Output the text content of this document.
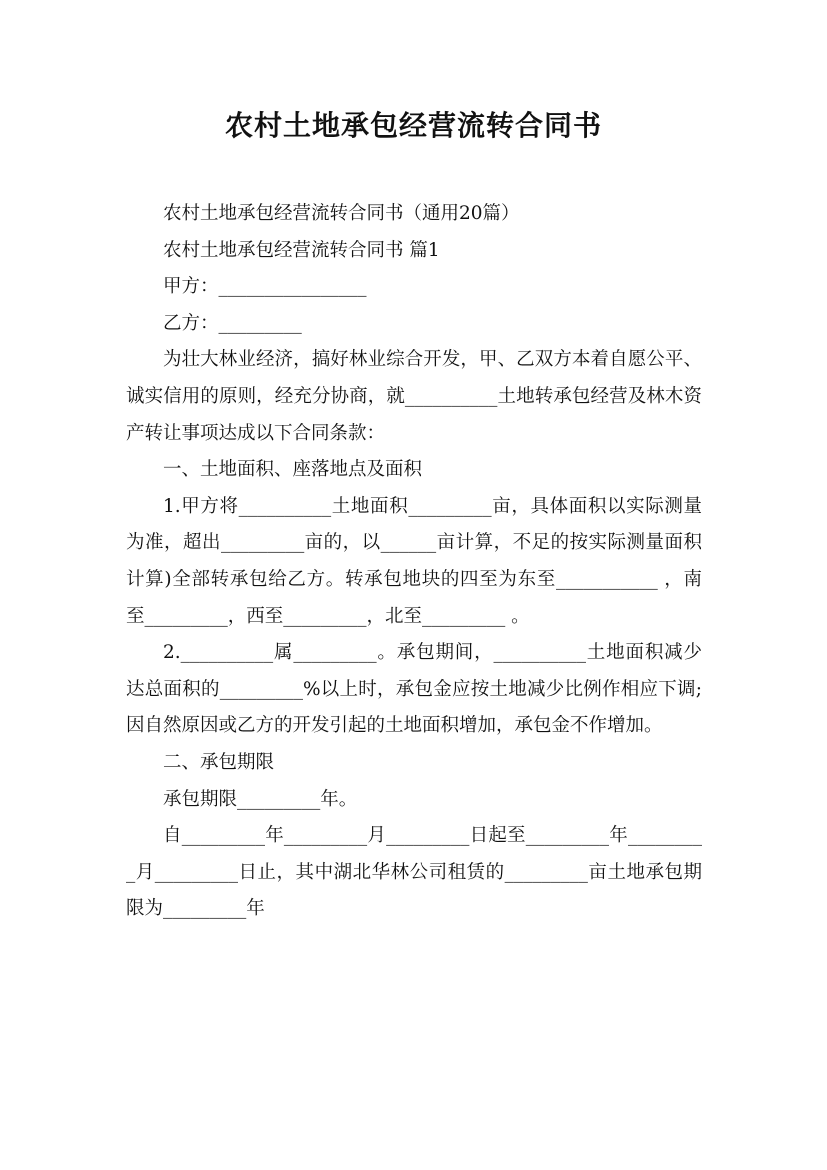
农村土地承包经营流转合同书

农村土地承包经营流转合同书（通用20篇）

农村土地承包经营流转合同书 篇1

甲方：________________

乙方：_________

为壮大林业经济，搞好林业综合开发，甲、乙双方本着自愿公平、诚实信用的原则，经充分协商，就__________土地转承包经营及林木资产转让事项达成以下合同条款：

一、土地面积、座落地点及面积

1.甲方将__________土地面积_________亩，具体面积以实际测量为准，超出_________亩的，以______亩计算，不足的按实际测量面积计算)全部转承包给乙方。转承包地块的四至为东至___________ ，南至_________，西至_________，北至_________ 。

2.__________属_________。承包期间，__________土地面积减少达总面积的_________%以上时，承包金应按土地减少比例作相应下调;因自然原因或乙方的开发引起的土地面积增加，承包金不作增加。

二、承包期限

承包期限_________年。

自_________年_________月_________日起至_________年_________月_________日止，其中湖北华林公司租赁的_________亩土地承包期限为_________年
